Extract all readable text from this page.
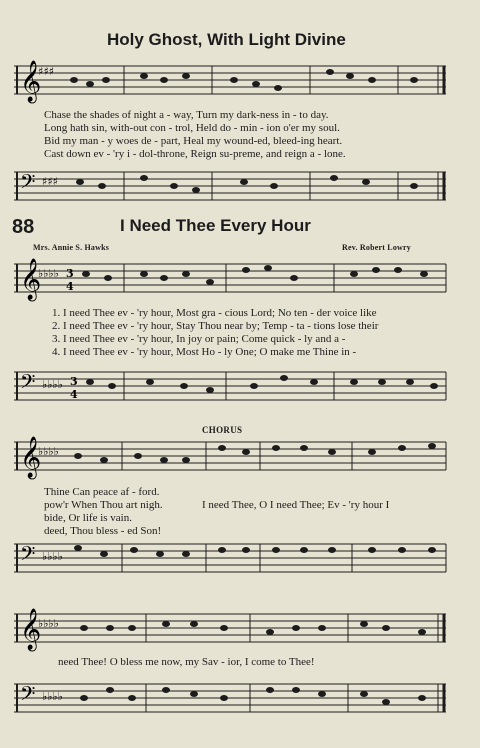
Holy Ghost, With Light Divine
𝄞
♯♯♯
Chase the shades of night a - way, Turn my dark-ness in - to day.
Long hath sin, with-out con - trol, Held do - min - ion o'er my soul.
Bid my man - y woes de - part, Heal my wound-ed, bleed-ing heart.
Cast down ev - 'ry i - dol-throne, Reign su-preme, and reign a - lone.
𝄢 ♯♯♯
88	I Need Thee Every Hour
Mrs. Annie S. Hawks	Rev. Robert Lowry
𝄞
♭♭♭♭ 3
4
1. I need Thee ev - 'ry hour, Most gra - cious Lord; No ten - der voice like
2. I need Thee ev - 'ry hour, Stay Thou near by; Temp - ta - tions lose their
3. I need Thee ev - 'ry hour, In joy or pain; Come quick - ly and a -
4. I need Thee ev - 'ry hour, Most Ho - ly One; O make me Thine in -
𝄢 ♭♭♭♭ 3
4
CHORUS
𝄞
♭♭♭♭
Thine Can peace af - ford.
pow'r When Thou art nigh.
bide, Or life is vain.
deed, Thou bless - ed Son!
I need Thee, O I need Thee; Ev - 'ry hour I
𝄢 ♭♭♭♭
𝄞
♭♭♭♭
need Thee! O bless me now, my Sav - ior, I come to Thee!
𝄢 ♭♭♭♭
